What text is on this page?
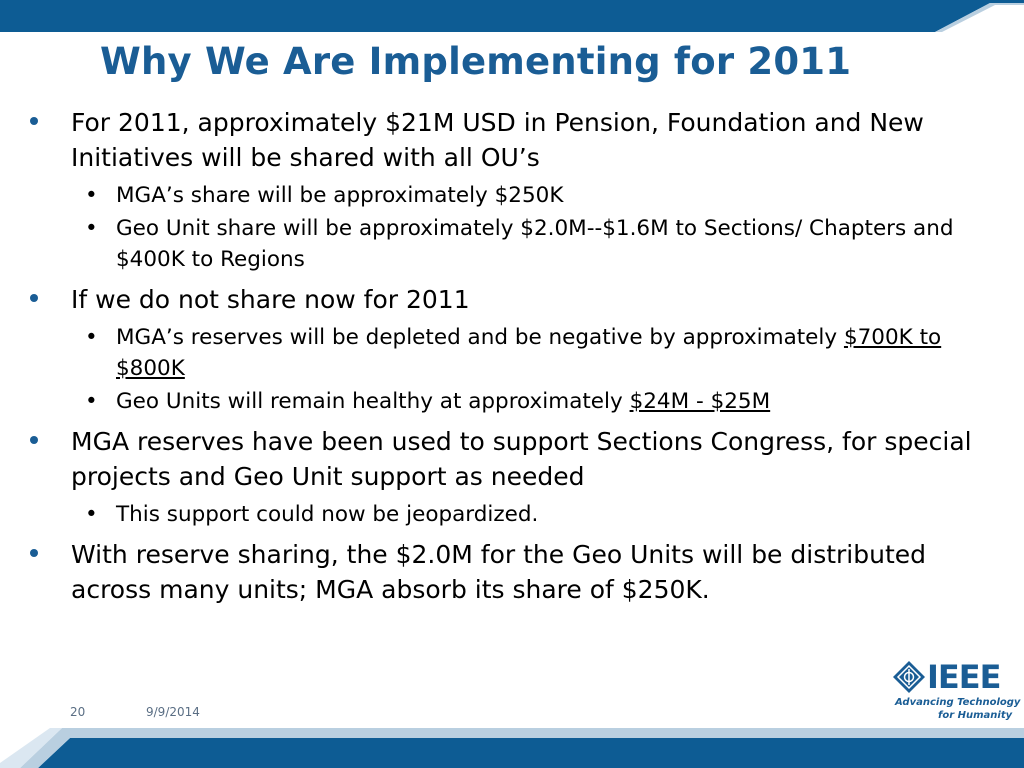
Why We Are Implementing for 2011
For 2011, approximately $21M USD in Pension, Foundation and New Initiatives will be shared with all OU’s
• MGA’s share will be approximately $250K
• Geo Unit share will be approximately $2.0M--$1.6M to Sections/ Chapters and $400K to Regions
If we do not share now for 2011
• MGA’s reserves will be depleted and be negative by approximately $700K to $800K
• Geo Units will remain healthy at approximately $24M - $25M
MGA reserves have been used to support Sections Congress, for special projects and Geo Unit support as needed
• This support could now be jeopardized.
With reserve sharing, the $2.0M for the Geo Units will be distributed across many units; MGA absorb its share of $250K.
IEEE
Advancing Technology
for Humanity
20	9/9/2014
